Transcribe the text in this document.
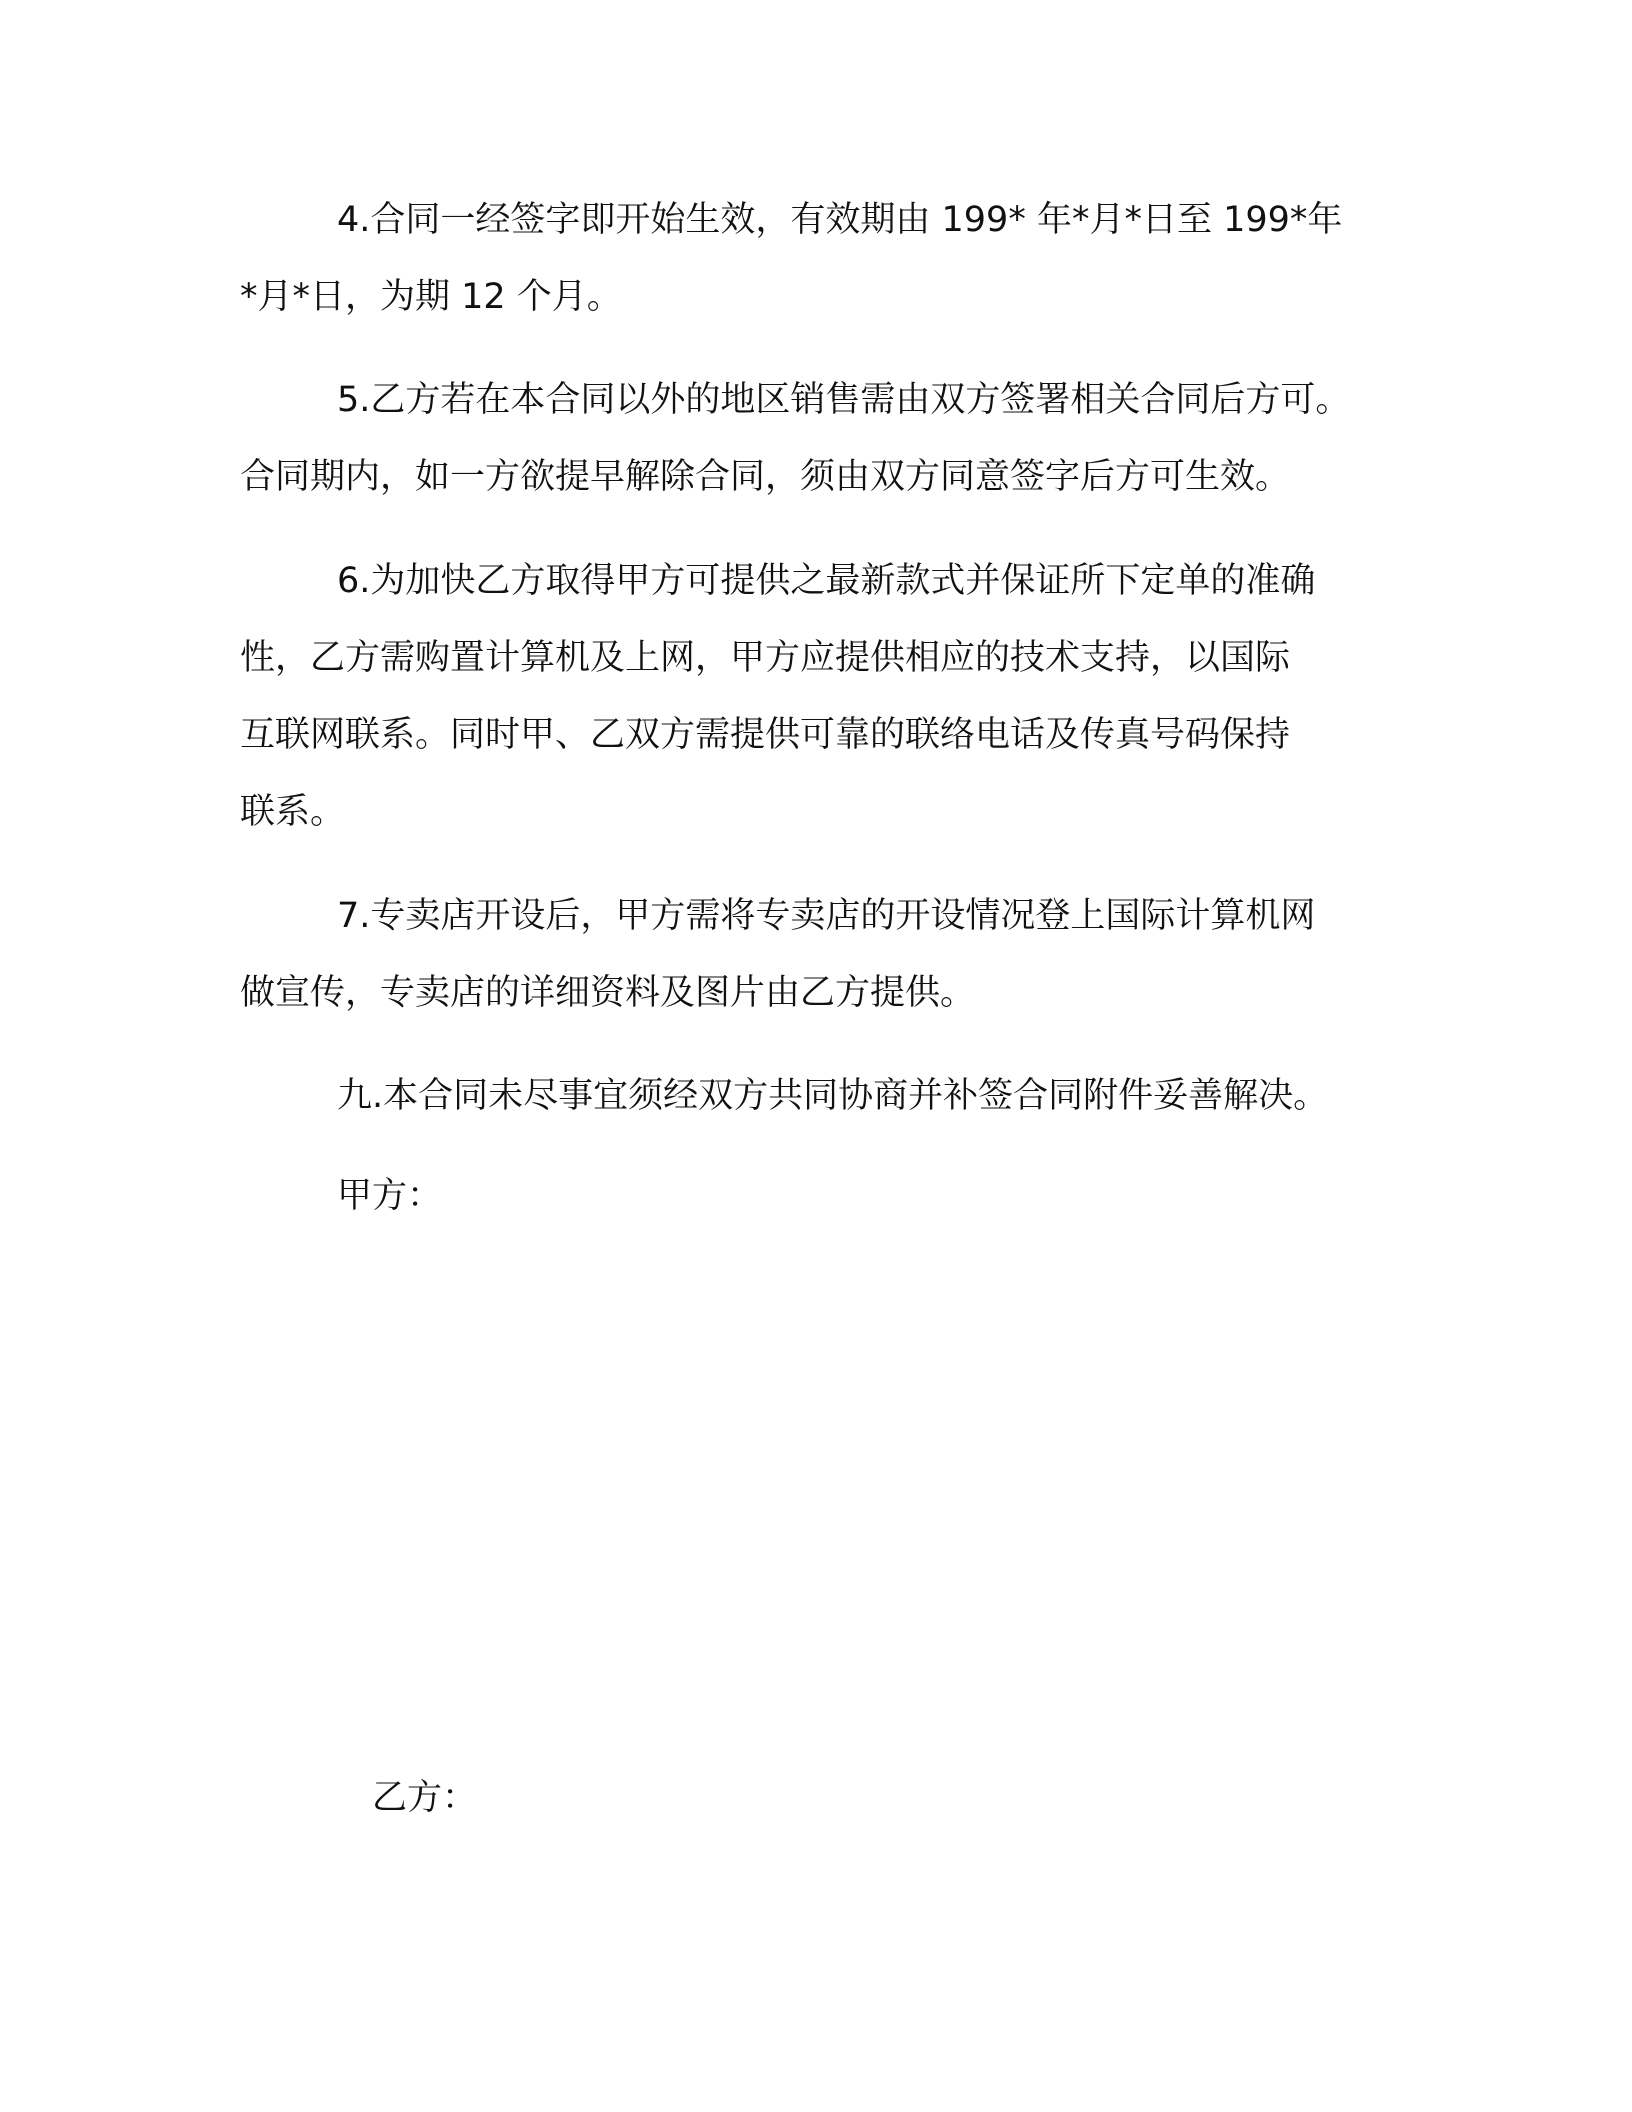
4.合同一经签字即开始生效，有效期由 199* 年*月*日至 199*年
*月*日，为期 12 个月。

5.乙方若在本合同以外的地区销售需由双方签署相关合同后方可。
合同期内，如一方欲提早解除合同，须由双方同意签字后方可生效。

6.为加快乙方取得甲方可提供之最新款式并保证所下定单的准确
性，乙方需购置计算机及上网，甲方应提供相应的技术支持，以国际
互联网联系。同时甲、乙双方需提供可靠的联络电话及传真号码保持
联系。

7.专卖店开设后，甲方需将专卖店的开设情况登上国际计算机网
做宣传，专卖店的详细资料及图片由乙方提供。

九.本合同未尽事宜须经双方共同协商并补签合同附件妥善解决。

甲方：

乙方：
